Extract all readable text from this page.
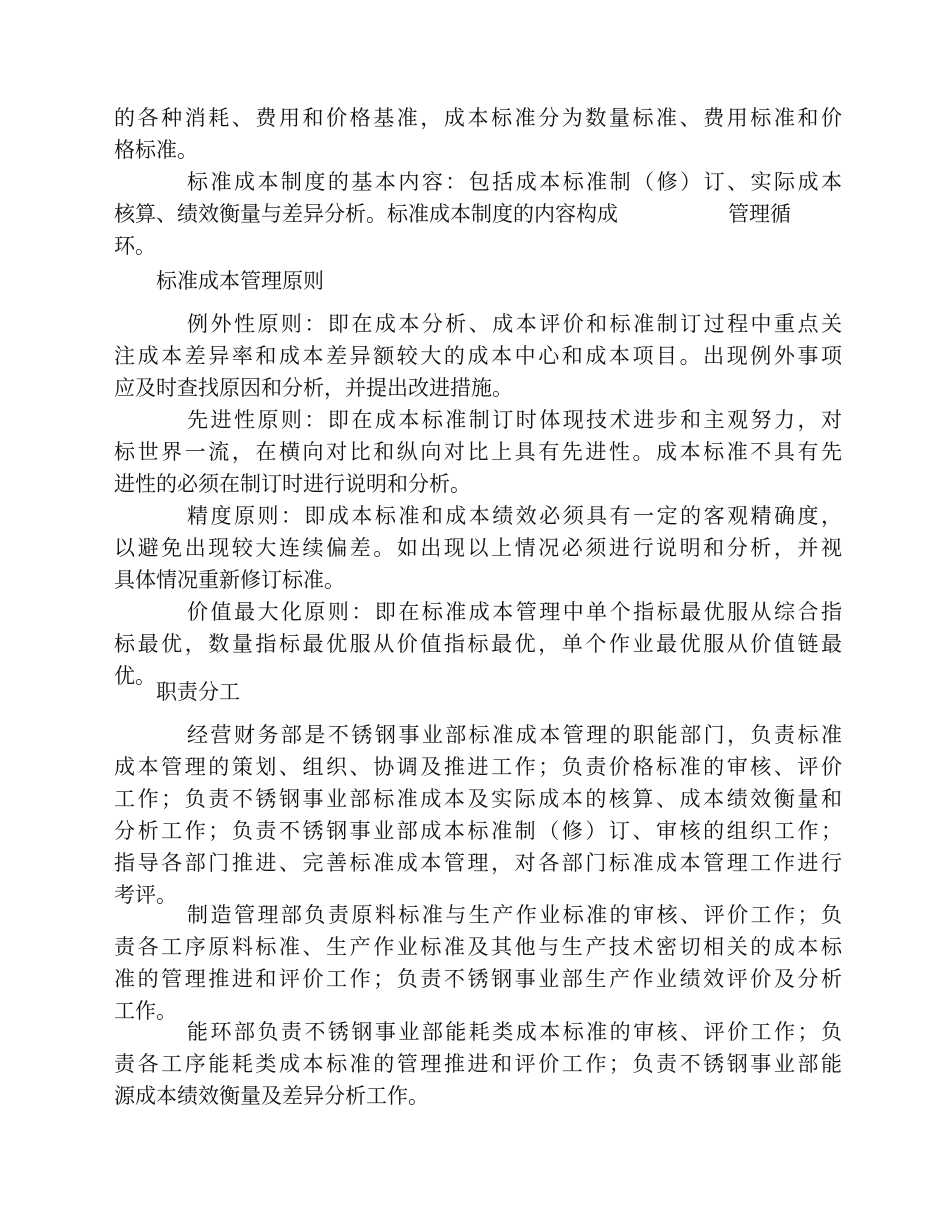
的各种消耗、费用和价格基准，成本标准分为数量标准、费用标准和价
格标准。
标准成本制度的基本内容：包括成本标准制（修）订、实际成本
核算、绩效衡量与差异分析。标准成本制度的内容构成	管理循
环。
标准成本管理原则
例外性原则：即在成本分析、成本评价和标准制订过程中重点关
注成本差异率和成本差异额较大的成本中心和成本项目。出现例外事项
应及时查找原因和分析，并提出改进措施。
先进性原则：即在成本标准制订时体现技术进步和主观努力，对
标世界一流，在横向对比和纵向对比上具有先进性。成本标准不具有先
进性的必须在制订时进行说明和分析。
精度原则：即成本标准和成本绩效必须具有一定的客观精确度，
以避免出现较大连续偏差。如出现以上情况必须进行说明和分析，并视
具体情况重新修订标准。
价值最大化原则：即在标准成本管理中单个指标最优服从综合指
标最优，数量指标最优服从价值指标最优，单个作业最优服从价值链最
优。
职责分工
经营财务部是不锈钢事业部标准成本管理的职能部门，负责标准
成本管理的策划、组织、协调及推进工作；负责价格标准的审核、评价
工作；负责不锈钢事业部标准成本及实际成本的核算、成本绩效衡量和
分析工作；负责不锈钢事业部成本标准制（修）订、审核的组织工作；
指导各部门推进、完善标准成本管理，对各部门标准成本管理工作进行
考评。
制造管理部负责原料标准与生产作业标准的审核、评价工作；负
责各工序原料标准、生产作业标准及其他与生产技术密切相关的成本标
准的管理推进和评价工作；负责不锈钢事业部生产作业绩效评价及分析
工作。
能环部负责不锈钢事业部能耗类成本标准的审核、评价工作；负
责各工序能耗类成本标准的管理推进和评价工作；负责不锈钢事业部能
源成本绩效衡量及差异分析工作。
